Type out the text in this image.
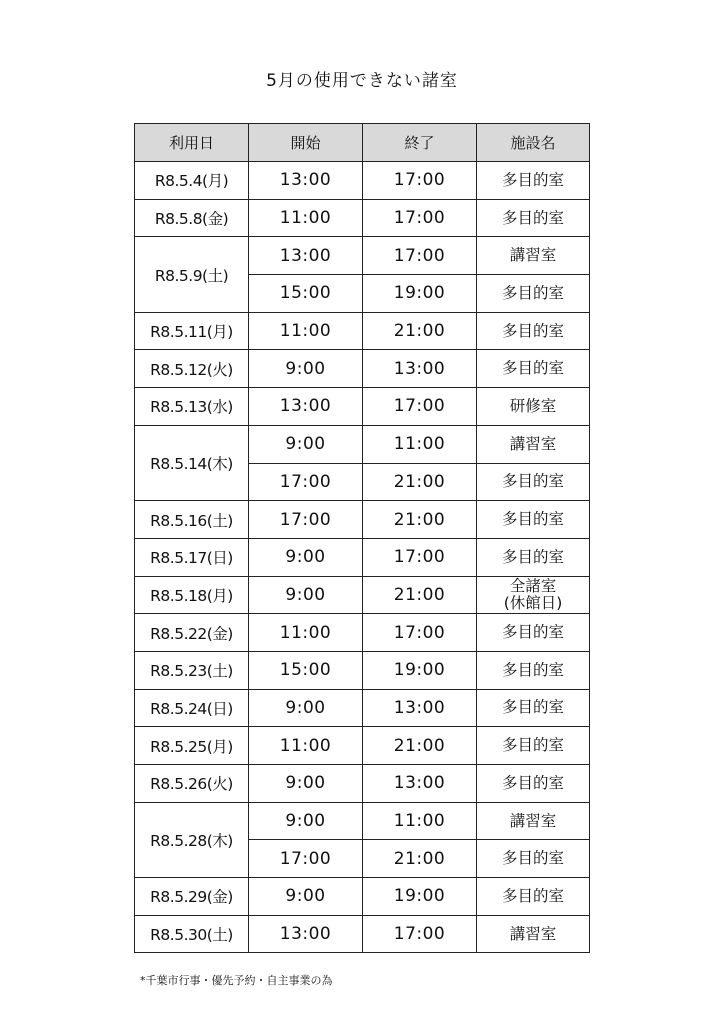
5月の使用できない諸室
利用日	開始	終了	施設名
R8.5.4(月)	13:00	17:00	多目的室
R8.5.8(金)	11:00	17:00	多目的室
R8.5.9(土)	13:00	17:00	講習室
	15:00	19:00	多目的室
R8.5.11(月)	11:00	21:00	多目的室
R8.5.12(火)	9:00	13:00	多目的室
R8.5.13(水)	13:00	17:00	研修室
R8.5.14(木)	9:00	11:00	講習室
	17:00	21:00	多目的室
R8.5.16(土)	17:00	21:00	多目的室
R8.5.17(日)	9:00	17:00	多目的室
R8.5.18(月)	9:00	21:00	全諸室
(休館日)
R8.5.22(金)	11:00	17:00	多目的室
R8.5.23(土)	15:00	19:00	多目的室
R8.5.24(日)	9:00	13:00	多目的室
R8.5.25(月)	11:00	21:00	多目的室
R8.5.26(火)	9:00	13:00	多目的室
R8.5.28(木)	9:00	11:00	講習室
	17:00	21:00	多目的室
R8.5.29(金)	9:00	19:00	多目的室
R8.5.30(土)	13:00	17:00	講習室
*千葉市行事・優先予約・自主事業の為
